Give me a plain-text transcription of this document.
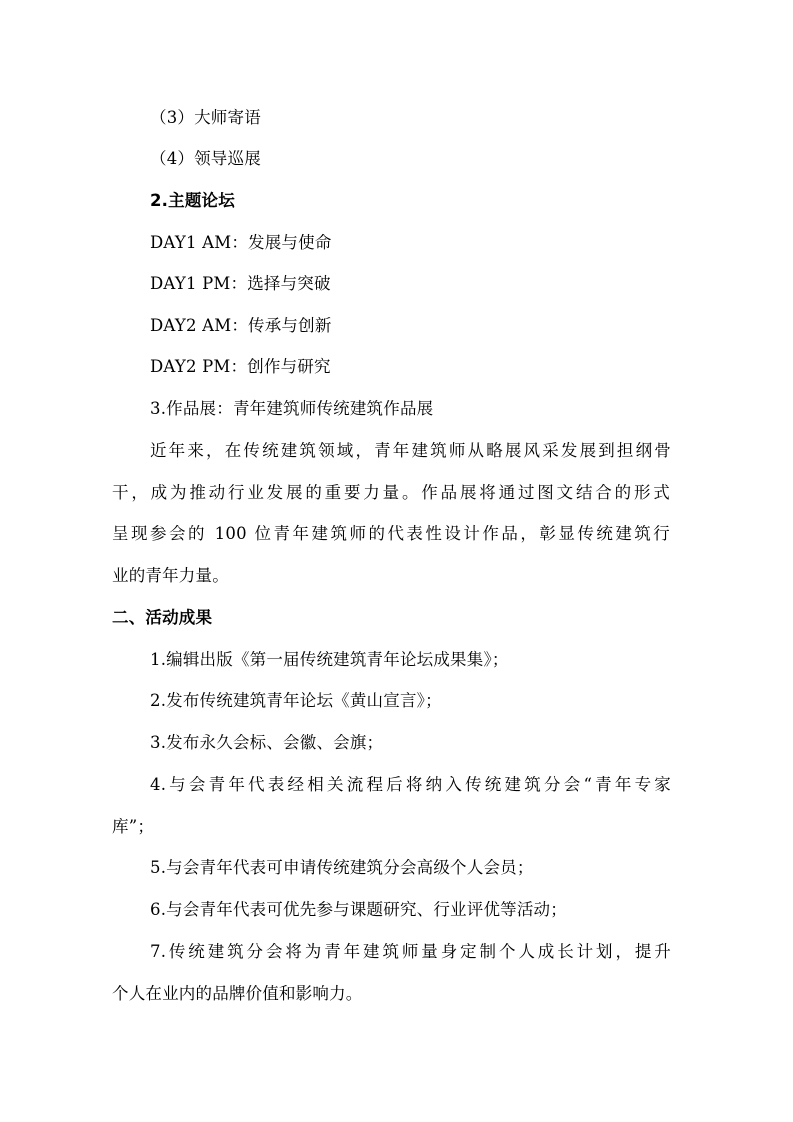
（3）大师寄语
（4）领导巡展
2.主题论坛
DAY1 AM：发展与使命
DAY1 PM：选择与突破
DAY2 AM：传承与创新
DAY2 PM：创作与研究
3.作品展：青年建筑师传统建筑作品展
近年来，在传统建筑领域，青年建筑师从略展风采发展到担纲骨
干，成为推动行业发展的重要力量。作品展将通过图文结合的形式
呈现参会的 100 位青年建筑师的代表性设计作品，彰显传统建筑行
业的青年力量。
二、活动成果
1.编辑出版《第一届传统建筑青年论坛成果集》；
2.发布传统建筑青年论坛《黄山宣言》；
3.发布永久会标、会徽、会旗；
4.与会青年代表经相关流程后将纳入传统建筑分会“青年专家
库”；
5.与会青年代表可申请传统建筑分会高级个人会员；
6.与会青年代表可优先参与课题研究、行业评优等活动；
7.传统建筑分会将为青年建筑师量身定制个人成长计划，提升
个人在业内的品牌价值和影响力。
